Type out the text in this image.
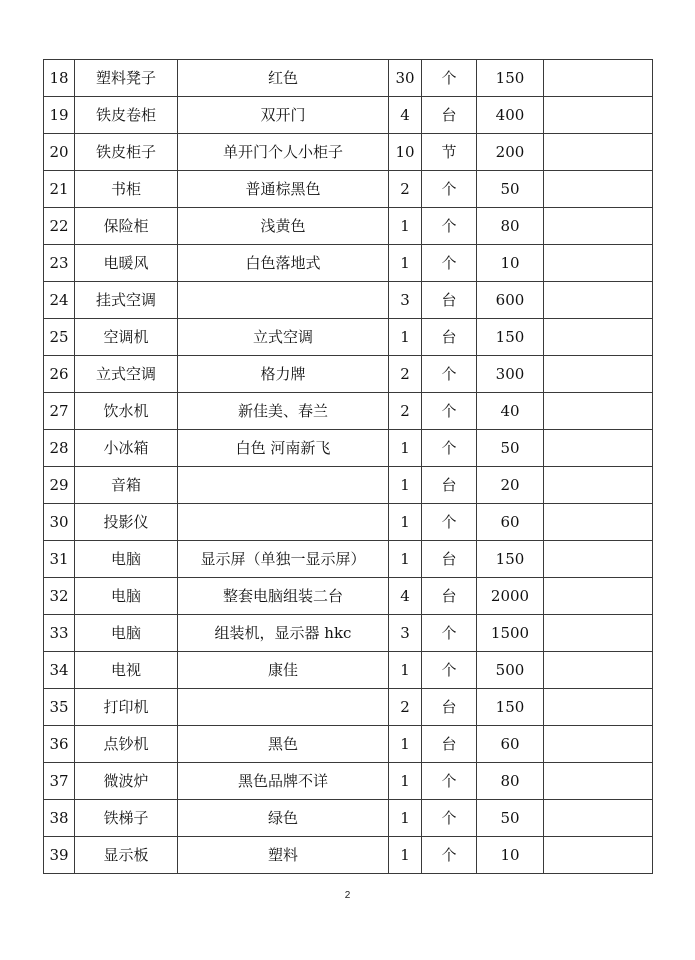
18	塑料凳子	红色	30	个	150	
19	铁皮卷柜	双开门	4	台	400	
20	铁皮柜子	单开门个人小柜子	10	节	200	
21	书柜	普通棕黑色	2	个	50	
22	保险柜	浅黄色	1	个	80	
23	电暖风	白色落地式	1	个	10	
24	挂式空调		3	台	600	
25	空调机	立式空调	1	台	150	
26	立式空调	格力牌	2	个	300	
27	饮水机	新佳美、春兰	2	个	40	
28	小冰箱	白色 河南新飞	1	个	50	
29	音箱		1	台	20	
30	投影仪		1	个	60	
31	电脑	显示屏（单独一显示屏）	1	台	150	
32	电脑	整套电脑组装二台	4	台	2000	
33	电脑	组装机，显示器 hkc	3	个	1500	
34	电视	康佳	1	个	500	
35	打印机		2	台	150	
36	点钞机	黑色	1	台	60	
37	微波炉	黑色品牌不详	1	个	80	
38	铁梯子	绿色	1	个	50	
39	显示板	塑料	1	个	10	
2
